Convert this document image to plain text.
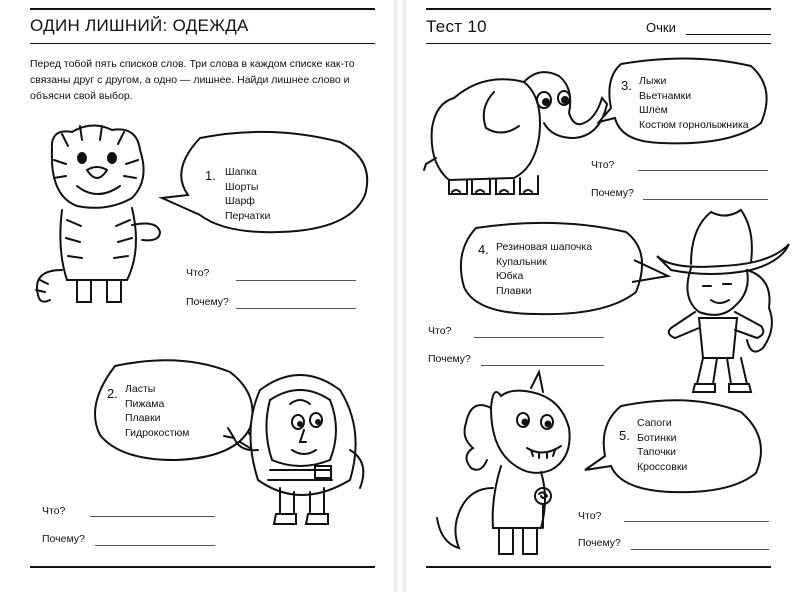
ОДИН ЛИШНИЙ: ОДЕЖДА
Перед тобой пять списков слов. Три слова в каждом списке как-то связаны друг с другом, а одно — лишнее. Найди лишнее слово и объясни свой выбор.
1. Шапка
Шорты
Шарф
Перчатки
Что?
Почему?
2. Ласты
Пижама
Плавки
Гидрокостюм
Что?
Почему?
Тест 10	Очки
3. Лыжи
Вьетнамки
Шлем
Костюм горнолыжника
Что?
Почему?
4. Резиновая шапочка
Купальник
Юбка
Плавки
Что?
Почему?
5.
Сапоги
Ботинки
Тапочки
Кроссовки
Что?
Почему?
